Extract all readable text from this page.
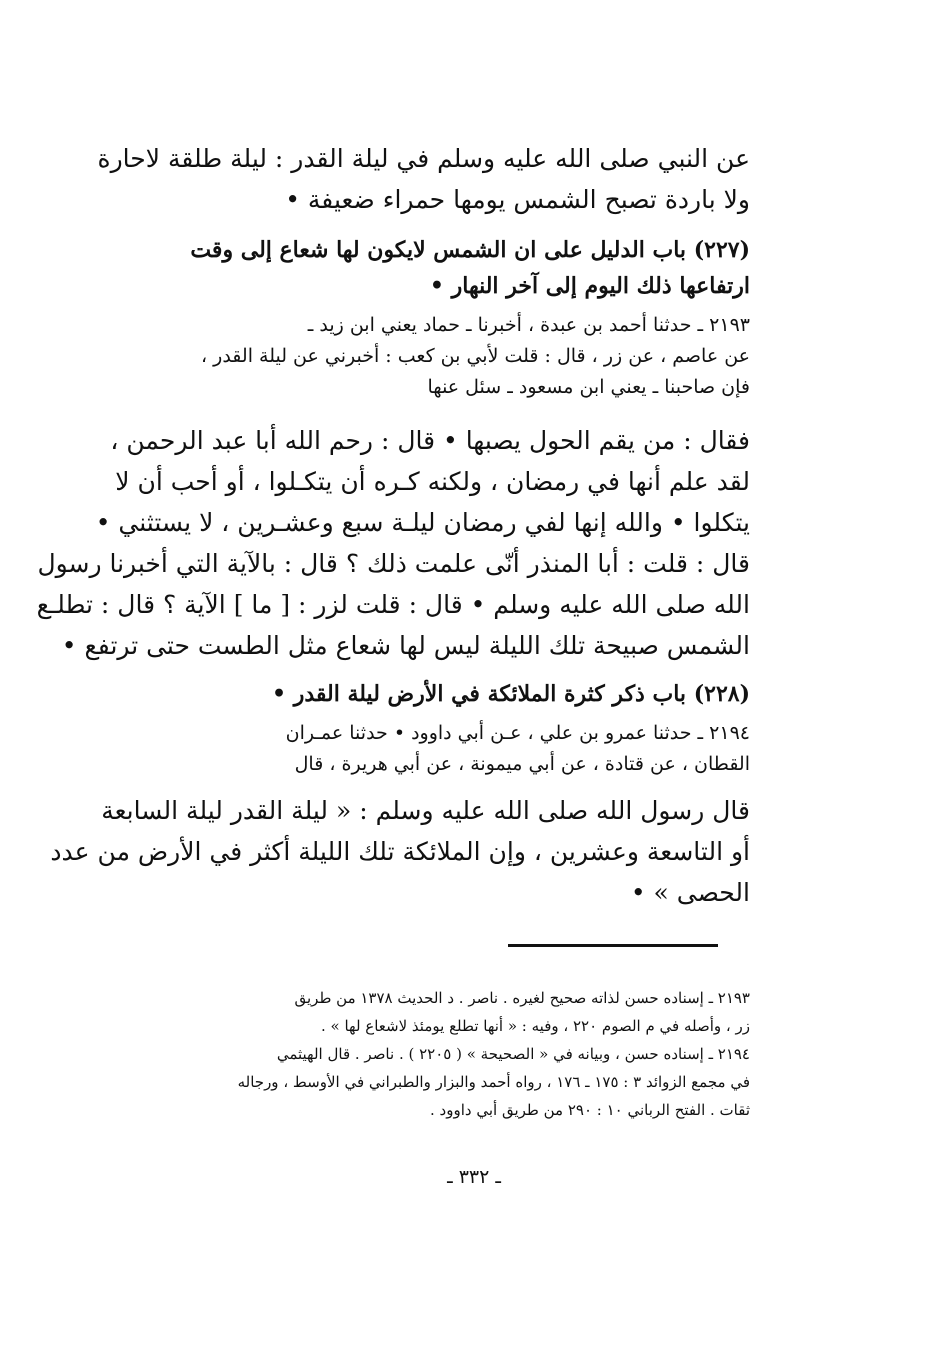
عن النبي صلى الله عليه وسلم في ليلة القدر : ليلة طلقة لاحارة
ولا باردة تصبح الشمس يومها حمراء ضعيفة •
(٢٢٧) باب الدليل على ان الشمس لايكون لها شعاع إلى وقت
ارتفاعها ذلك اليوم إلى آخر النهار •
٢١٩٣ ـ حدثنا أحمد بن عبدة ، أخبرنا ـ حماد يعني ابن زيد ـ
عن عاصم ، عن زر ، قال : قلت لأبي بن كعب : أخبرني عن ليلة القدر ،
فإن صاحبنا ـ يعني ابن مسعود ـ سئل عنها
فقال : من يقم الحول يصبها • قال : رحم الله أبا عبد الرحمن ،
لقد علم أنها في رمضان ، ولكنه كـره أن يتكـلوا ، أو أحب أن لا
يتكلوا • والله إنها لفي رمضان ليلـة سبع وعشـرين ، لا يستثني •
قال : قلت : أبا المنذر أنّى علمت ذلك ؟ قال : بالآية التي أخبرنا رسول
الله صلى الله عليه وسلم • قال : قلت لزر : [ ما ] الآية ؟ قال : تطلـع
الشمس صبيحة تلك الليلة ليس لها شعاع مثل الطست حتى ترتفع •
(٢٢٨) باب ذكر كثرة الملائكة في الأرض ليلة القدر •
٢١٩٤ ـ حدثنا عمرو بن علي ، عـن أبي داوود • حدثنا عمـران
القطان ، عن قتادة ، عن أبي ميمونة ، عن أبي هريرة ، قال
قال رسول الله صلى الله عليه وسلم : « ليلة القدر ليلة السابعة
أو التاسعة وعشرين ، وإن الملائكة تلك الليلة أكثر في الأرض من عدد
الحصى » •
٢١٩٣ ـ إسناده حسن لذاته صحيح لغيره . ناصر . د الحديث ١٣٧٨ من طريق
زر ، وأصله في م الصوم ٢٢٠ ، وفيه : « أنها تطلع يومئذ لاشعاع لها » .
٢١٩٤ ـ إسناده حسن ، وبيانه في « الصحيحة » ( ٢٢٠٥ ) . ناصر . قال الهيثمي
في مجمع الزوائد ٣ : ١٧٥ ـ ١٧٦ ، رواه أحمد والبزار والطبراني في الأوسط ، ورجاله
ثقات . الفتح الرباني ١٠ : ٢٩٠ من طريق أبي داوود .
ـ ٣٣٢ ـ
